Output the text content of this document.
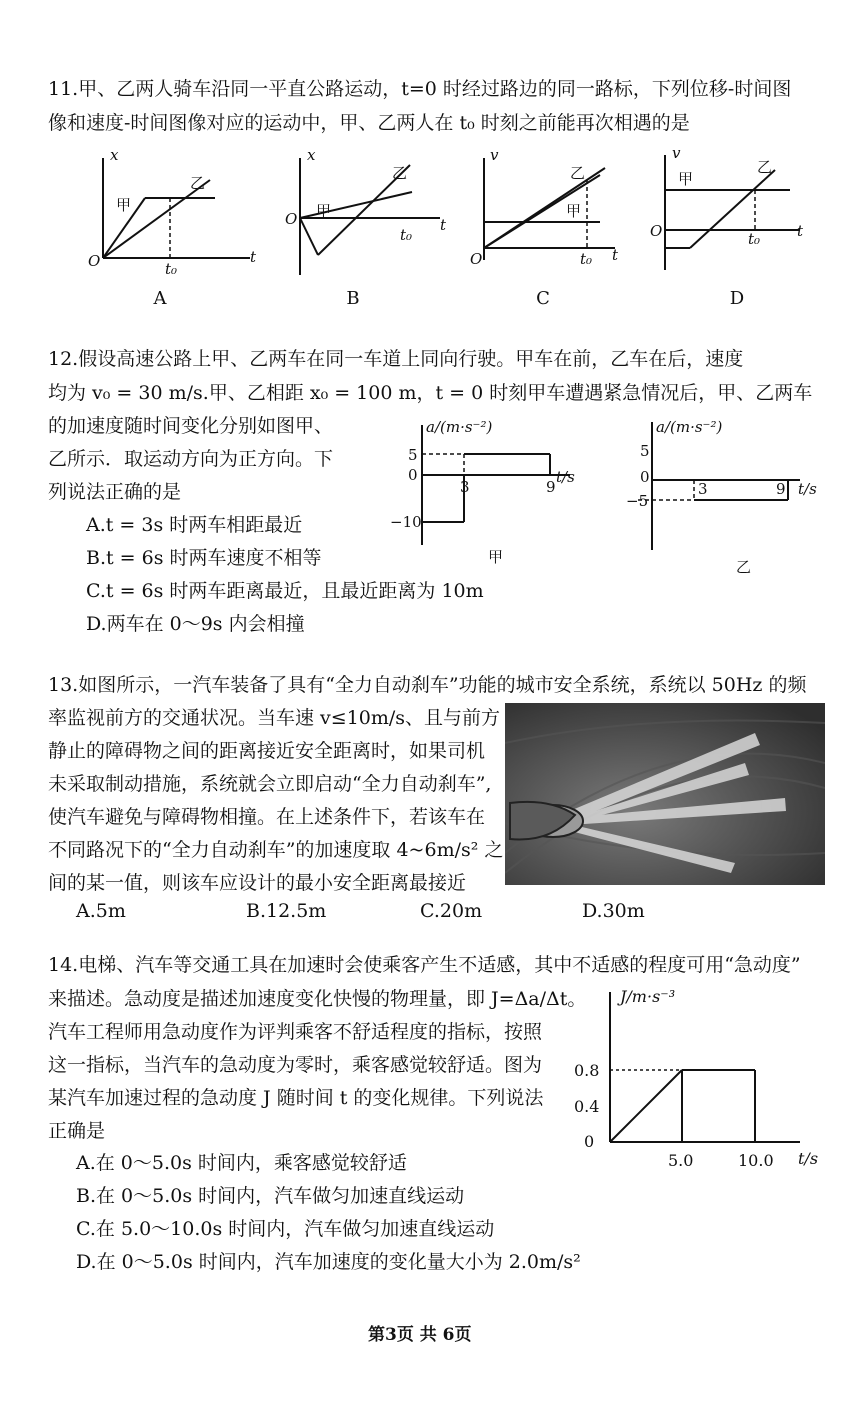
11.甲、乙两人骑车沿同一平直公路运动，t=0 时经过路边的同一路标，下列位移-时间图
像和速度-时间图像对应的运动中，甲、乙两人在 t₀ 时刻之前能再次相遇的是
x
t
O
甲
乙
t₀
x
t
O 甲
乙
t₀
v
t
O
甲
乙
t₀
v
t
O
甲
乙
t₀
A	B	C	D
12.假设高速公路上甲、乙两车在同一车道上同向行驶。甲车在前，乙车在后，速度
均为 v₀ = 30 m/s.甲、乙相距 x₀ = 100 m，t = 0 时刻甲车遭遇紧急情况后，甲、乙两车
的加速度随时间变化分别如图甲、
乙所示．取运动方向为正方向。下
列说法正确的是
A.t = 3s 时两车相距最近
B.t = 6s 时两车速度不相等
C.t = 6s 时两车距离最近，且最近距离为 10m
D.两车在 0～9s 内会相撞
a/(m·s⁻²)
t/s
5
0
−10
3	9
甲
a/(m·s⁻²)
t/s
5
0
−5
3	9
乙
13.如图所示，一汽车装备了具有“全力自动刹车”功能的城市安全系统，系统以 50Hz 的频
率监视前方的交通状况。当车速 v≤10m/s、且与前方
静止的障碍物之间的距离接近安全距离时，如果司机
未采取制动措施，系统就会立即启动“全力自动刹车”,
使汽车避免与障碍物相撞。在上述条件下，若该车在
不同路况下的“全力自动刹车”的加速度取 4~6m/s² 之
间的某一值，则该车应设计的最小安全距离最接近
A.5m	B.12.5m	C.20m	D.30m
14.电梯、汽车等交通工具在加速时会使乘客产生不适感，其中不适感的程度可用“急动度”
来描述。急动度是描述加速度变化快慢的物理量，即 J=Δa/Δt。
汽车工程师用急动度作为评判乘客不舒适程度的指标，按照
这一指标，当汽车的急动度为零时，乘客感觉较舒适。图为
某汽车加速过程的急动度 J 随时间 t 的变化规律。下列说法
正确是
J/m·s⁻³
t/s
0.8
0.4
0
5.0	10.0
A.在 0～5.0s 时间内，乘客感觉较舒适
B.在 0～5.0s 时间内，汽车做匀加速直线运动
C.在 5.0～10.0s 时间内，汽车做匀加速直线运动
D.在 0～5.0s 时间内，汽车加速度的变化量大小为 2.0m/s²
第3页 共 6页
